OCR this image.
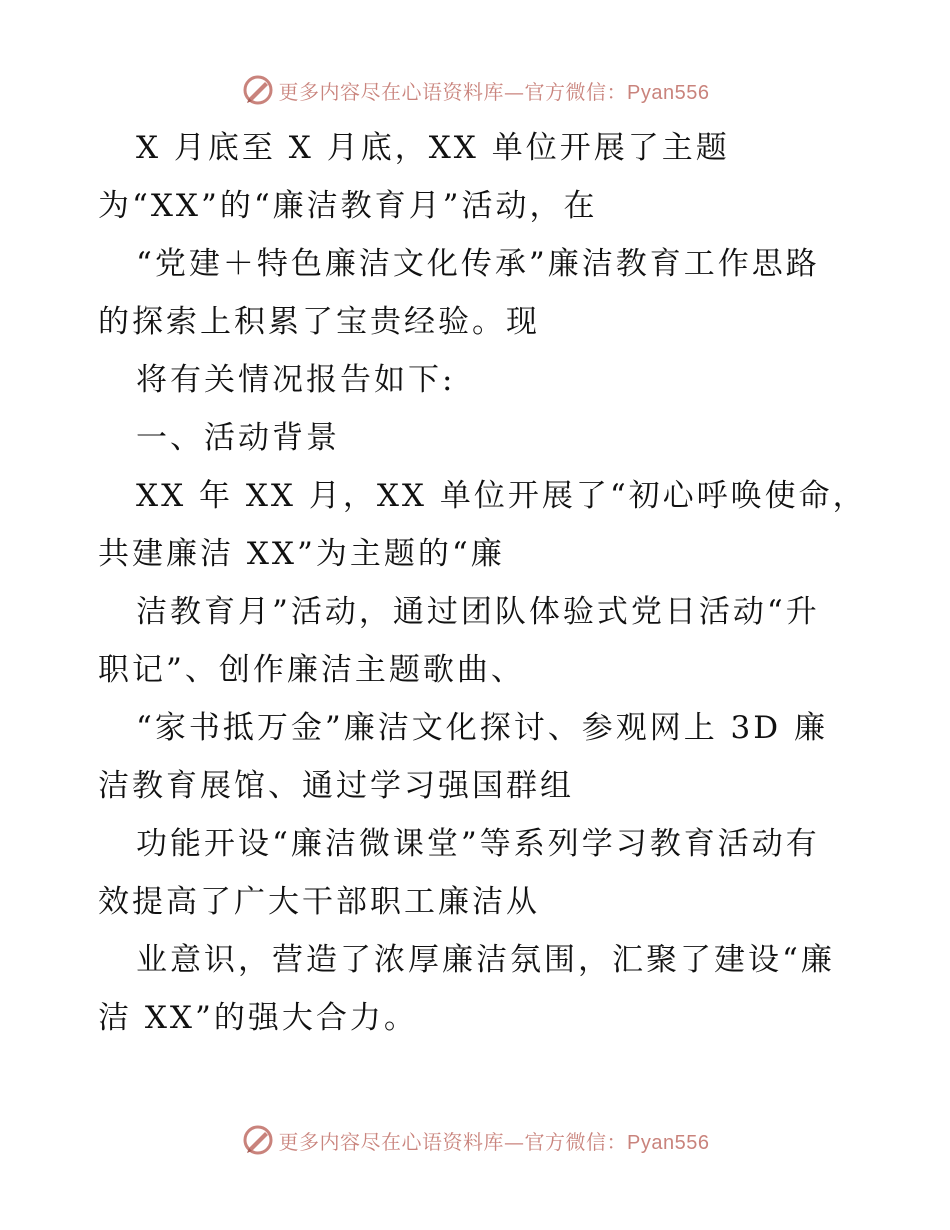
更多内容尽在心语资料库—官方微信：Pyan556
X 月底至 X 月底，XX 单位开展了主题
为“XX”的“廉洁教育月”活动，在
“党建＋特色廉洁文化传承”廉洁教育工作思路
的探索上积累了宝贵经验。现
将有关情况报告如下:
一、活动背景
XX 年 XX 月，XX 单位开展了“初心呼唤使命，
共建廉洁 XX”为主题的“廉
洁教育月”活动，通过团队体验式党日活动“升
职记”、创作廉洁主题歌曲、
“家书抵万金”廉洁文化探讨、参观网上 3D 廉
洁教育展馆、通过学习强国群组
功能开设“廉洁微课堂”等系列学习教育活动有
效提高了广大干部职工廉洁从
业意识，营造了浓厚廉洁氛围，汇聚了建设“廉
洁 XX”的强大合力。
更多内容尽在心语资料库—官方微信：Pyan556
